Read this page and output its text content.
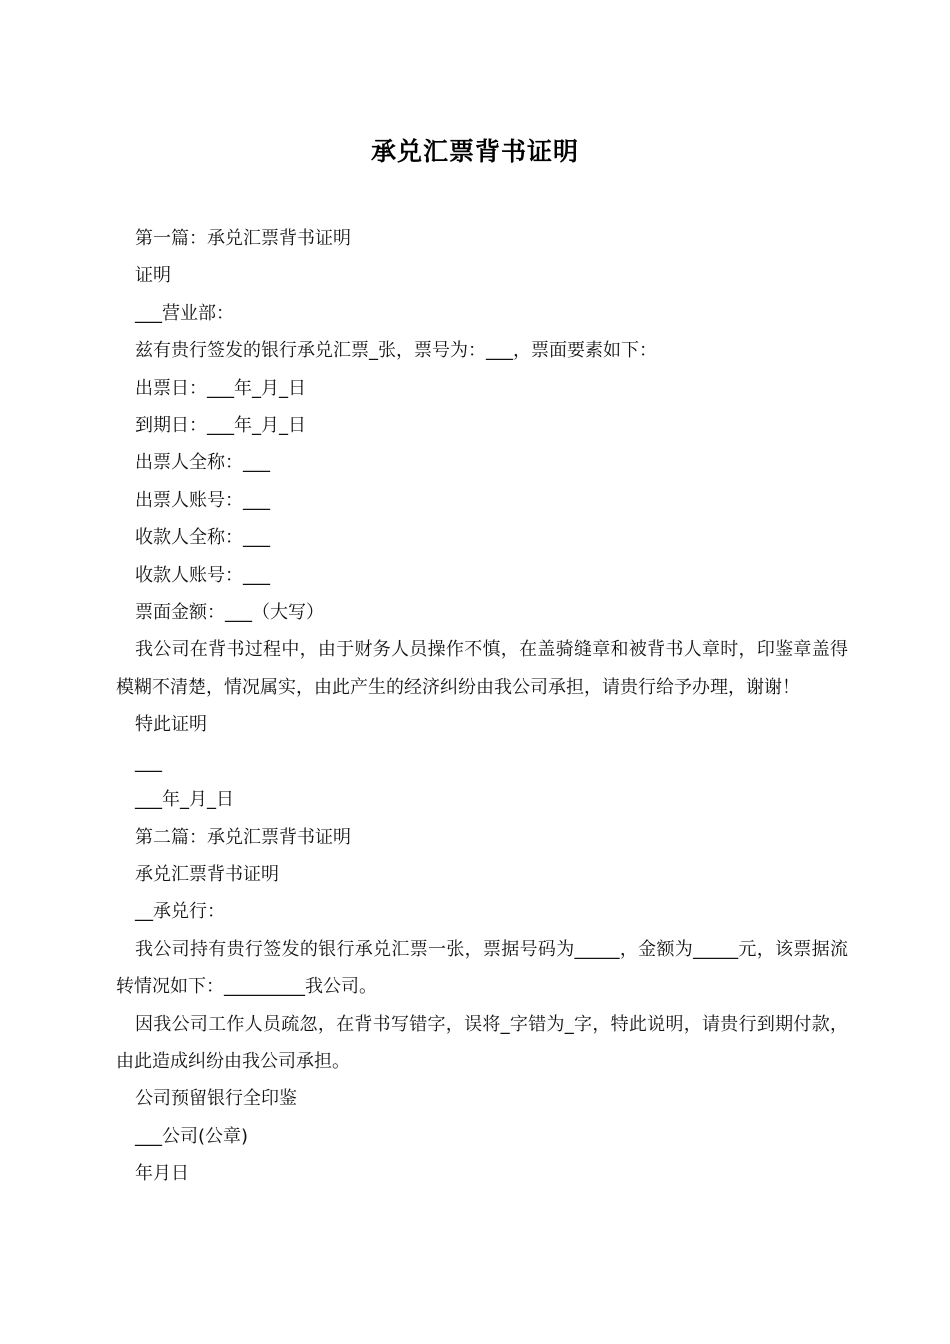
承兑汇票背书证明

第一篇：承兑汇票背书证明

证明

___营业部：

兹有贵行签发的银行承兑汇票_张，票号为：___，票面要素如下：

出票日：___年_月_日

到期日：___年_月_日

出票人全称：___

出票人账号：___

收款人全称：___

收款人账号：___

票面金额：___（大写）

我公司在背书过程中，由于财务人员操作不慎，在盖骑缝章和被背书人章时，印鉴章盖得模糊不清楚，情况属实，由此产生的经济纠纷由我公司承担，请贵行给予办理，谢谢！

特此证明

___

___年_月_日

第二篇：承兑汇票背书证明

承兑汇票背书证明

__承兑行：

我公司持有贵行签发的银行承兑汇票一张，票据号码为_____，金额为_____元，该票据流转情况如下：_________我公司。

因我公司工作人员疏忽，在背书写错字，误将_字错为_字，特此说明，请贵行到期付款，由此造成纠纷由我公司承担。

公司预留银行全印鉴

___公司(公章)

年月日
